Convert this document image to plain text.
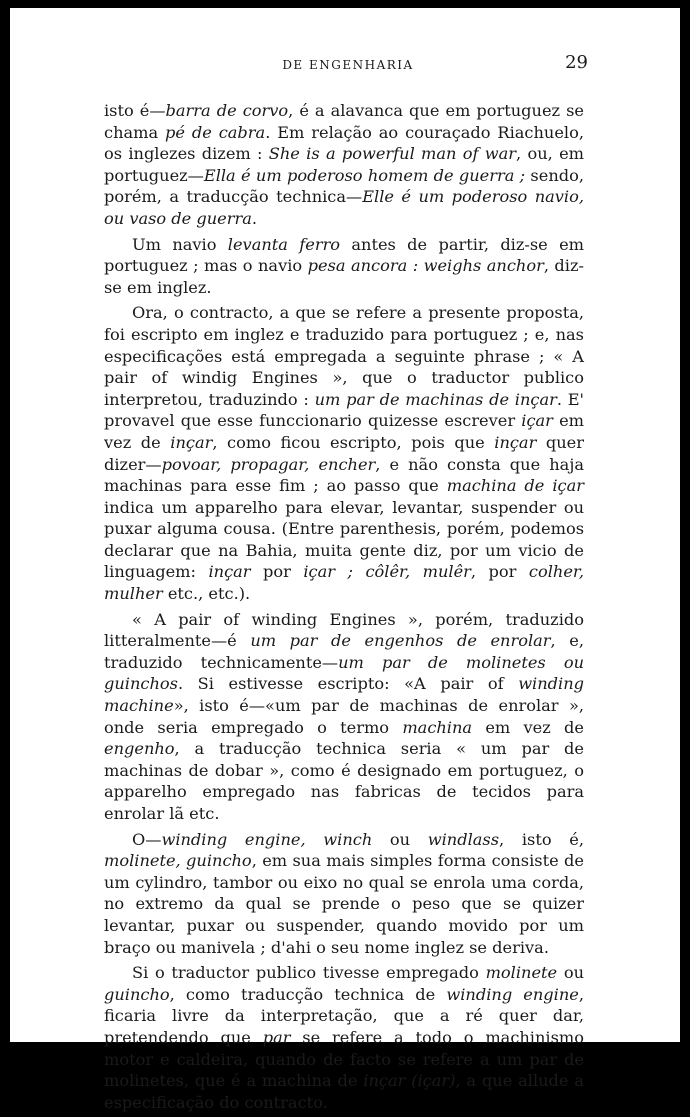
DE ENGENHARIA	29

isto é—barra de corvo, é a alavanca que em portuguez se chama pé de cabra. Em relação ao couraçado Riachuelo, os inglezes dizem : She is a powerful man of war, ou, em portuguez—Ella é um poderoso homem de guerra ; sendo, porém, a traducção technica—Elle é um poderoso navio, ou vaso de guerra.

Um navio levanta ferro antes de partir, diz-se em portuguez ; mas o navio pesa ancora : weighs anchor, diz-se em inglez.

Ora, o contracto, a que se refere a presente proposta, foi escripto em inglez e traduzido para portuguez ; e, nas especificações está empregada a seguinte phrase ; « A pair of windig Engines », que o traductor publico interpretou, traduzindo : um par de machinas de inçar. E' provavel que esse funccionario quizesse escrever içar em vez de inçar, como ficou escripto, pois que inçar quer dizer—povoar, propagar, encher, e não consta que haja machinas para esse fim ; ao passo que machina de içar indica um apparelho para elevar, levantar, suspender ou puxar alguma cousa. (Entre parenthesis, porém, podemos declarar que na Bahia, muita gente diz, por um vicio de linguagem: inçar por içar ; côlêr, mulêr, por colher, mulher etc., etc.).

« A pair of winding Engines », porém, traduzido litteralmente—é um par de engenhos de enrolar, e, traduzido technicamente—um par de molinetes ou guinchos. Si estivesse escripto: «A pair of winding machine», isto é—«um par de machinas de enrolar », onde seria empregado o termo machina em vez de engenho, a traducção technica seria « um par de machinas de dobar », como é designado em portuguez, o apparelho empregado nas fabricas de tecidos para enrolar lã etc.

O—winding engine, winch ou windlass, isto é, molinete, guincho, em sua mais simples forma consiste de um cylindro, tambor ou eixo no qual se enrola uma corda, no extremo da qual se prende o peso que se quizer levantar, puxar ou suspender, quando movido por um braço ou manivela ; d'ahi o seu nome inglez se deriva.

Si o traductor publico tivesse empregado molinete ou guincho, como traducção technica de winding engine, ficaria livre da interpretação, que a ré quer dar, pretendendo que par se refere a todo o machinismo motor e caldeira, quando de facto se refere a um par de molinetes, que é a machina de inçar (içar), a que allude a especificação do contracto.
